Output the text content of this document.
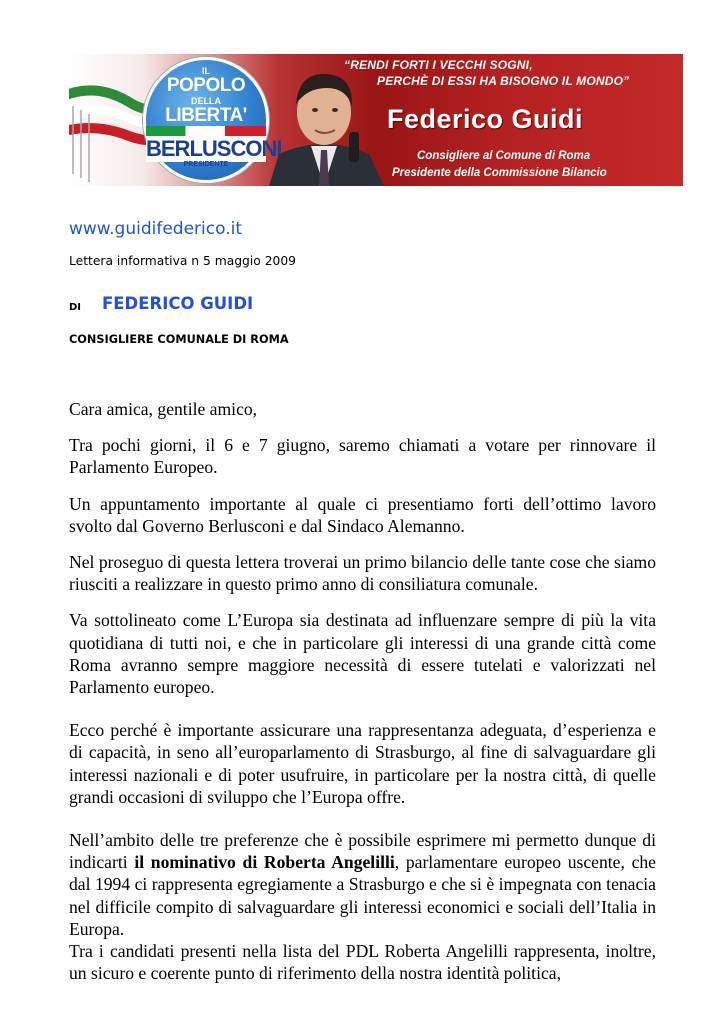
IL
POPOLO
DELLA
LIBERTA'
BERLUSCONI
PRESIDENTE
“RENDI FORTI I VECCHI SOGNI,
PERCHÈ DI ESSI HA BISOGNO IL MONDO”
Federico Guidi
Consigliere al Comune di Roma
Presidente della Commissione Bilancio
www.guidifederico.it
Lettera informativa n 5 maggio 2009
DI FEDERICO GUIDI
CONSIGLIERE COMUNALE DI ROMA

Cara amica, gentile amico,

Tra pochi giorni, il 6 e 7 giugno, saremo chiamati a votare per rinnovare il Parlamento Europeo.

Un appuntamento importante al quale ci presentiamo forti dell’ottimo lavoro svolto dal Governo Berlusconi e dal Sindaco Alemanno.

Nel proseguo di questa lettera troverai un primo bilancio delle tante cose che siamo riusciti a realizzare in questo primo anno di consiliatura comunale.

Va sottolineato come L’Europa sia destinata ad influenzare sempre di più la vita quotidiana di tutti noi, e che in particolare gli interessi di una grande città come Roma avranno sempre maggiore necessità di essere tutelati e valorizzati nel Parlamento europeo.

Ecco perché è importante assicurare una rappresentanza adeguata, d’esperienza e di capacità, in seno all’europarlamento di Strasburgo, al fine di salvaguardare gli interessi nazionali e di poter usufruire, in particolare per la nostra città, di quelle grandi occasioni di sviluppo che l’Europa offre.

Nell’ambito delle tre preferenze che è possibile esprimere mi permetto dunque di indicarti il nominativo di Roberta Angelilli, parlamentare europeo uscente, che dal 1994 ci rappresenta egregiamente a Strasburgo e che si è impegnata con tenacia nel difficile compito di salvaguardare gli interessi economici e sociali dell’Italia in Europa.

Tra i candidati presenti nella lista del PDL Roberta Angelilli rappresenta, inoltre, un sicuro e coerente punto di riferimento della nostra identità politica,
